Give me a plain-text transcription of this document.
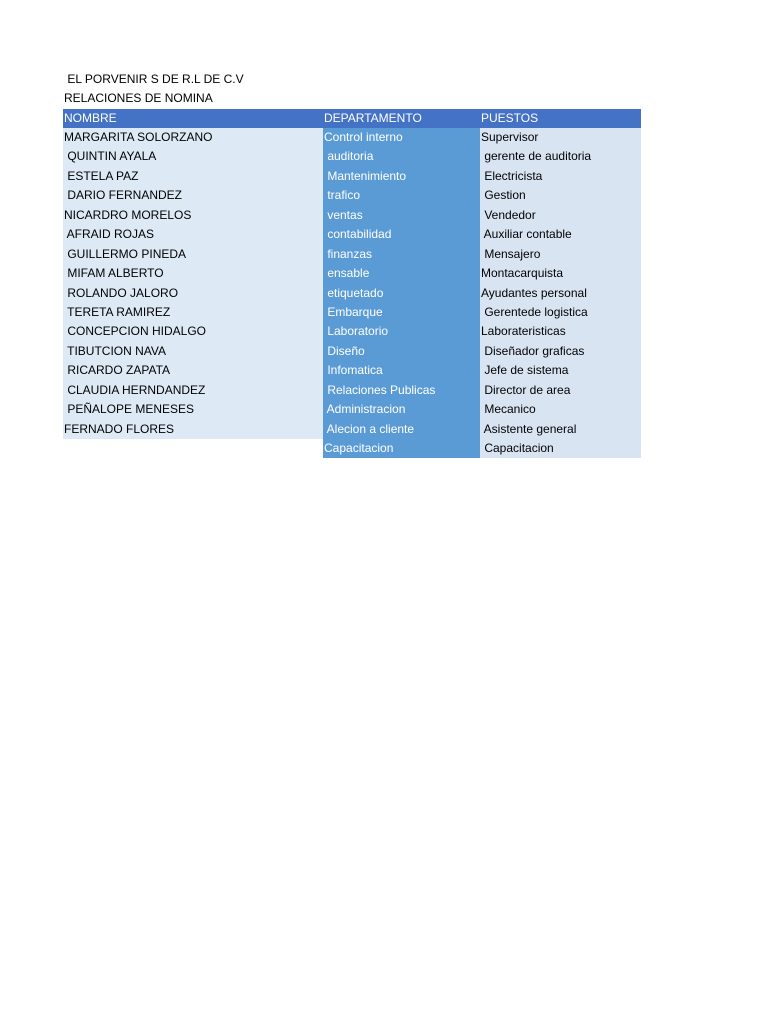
EL PORVENIR S DE R.L DE C.V
RELACIONES DE NOMINA
NOMBRE
MARGARITA SOLORZANO
QUINTIN AYALA
ESTELA PAZ
DARIO FERNANDEZ
NICARDRO MORELOS
AFRAID ROJAS
GUILLERMO PINEDA
MIFAM ALBERTO
ROLANDO JALORO
TERETA RAMIREZ
CONCEPCION HIDALGO
TIBUTCION NAVA
RICARDO ZAPATA
CLAUDIA HERNDANDEZ
PEÑALOPE MENESES
FERNADO FLORES
DEPARTAMENTO
Control interno
auditoria
Mantenimiento
trafico
ventas
contabilidad
finanzas
ensable
etiquetado
Embarque
Laboratorio
Diseño
Infomatica
Relaciones Publicas
Administracion
Alecion a cliente
Capacitacion
PUESTOS
Supervisor
gerente de auditoria
Electricista
Gestion
Vendedor
Auxiliar contable
Mensajero
Montacarquista
Ayudantes personal
Gerentede logistica
Laborateristicas
Diseñador graficas
Jefe de sistema
Director de area
Mecanico
Asistente general
Capacitacion
